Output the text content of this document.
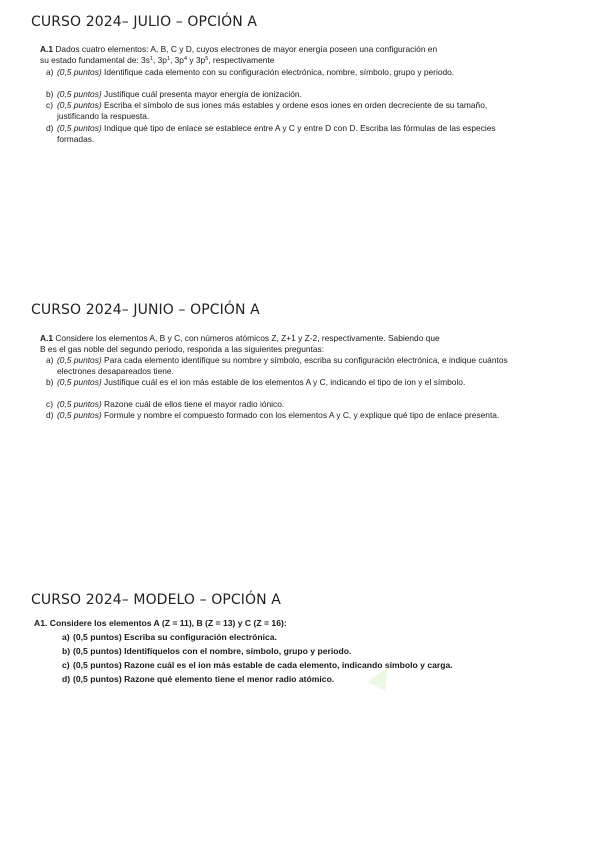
CURSO 2024– JULIO – OPCIÓN A
A.1 Dados cuatro elementos: A, B, C y D, cuyos electrones de mayor energía poseen una configuración en
su estado fundamental de: $3s^1$, $3p^1$, $3p^4$ y $3p^5$, respectivamente
a) (0,5 puntos) Identifique cada elemento con su configuración electrónica, nombre, símbolo, grupo y periodo.
b) (0,5 puntos) Justifique cuál presenta mayor energía de ionización.
c) (0,5 puntos) Escriba el símbolo de sus iones más estables y ordene esos iones en orden decreciente de su tamaño, justificando la respuesta.
d) (0,5 puntos) Indique qué tipo de enlace se establece entre A y C y entre D con D. Escriba las fórmulas de las especies formadas.
CURSO 2024– JUNIO – OPCIÓN A
A.1 Considere los elementos A, B y C, con números atómicos Z, Z+1 y Z-2, respectivamente. Sabiendo que
B es el gas noble del segundo periodo, responda a las siguientes preguntas:
a) (0,5 puntos) Para cada elemento identifique su nombre y símbolo, escriba su configuración electrónica, e indique cuántos electrones desapareados tiene.
b) (0,5 puntos) Justifique cuál es el ion más estable de los elementos A y C, indicando el tipo de ion y el símbolo.
c) (0,5 puntos) Razone cuál de ellos tiene el mayor radio iónico.
d) (0,5 puntos) Formule y nombre el compuesto formado con los elementos A y C, y explique qué tipo de enlace presenta.
CURSO 2024– MODELO – OPCIÓN A
A1. Considere los elementos A (Z = 11), B (Z = 13) y C (Z = 16):
a) (0,5 puntos) Escriba su configuración electrónica.
b) (0,5 puntos) Identifíquelos con el nombre, símbolo, grupo y periodo.
c) (0,5 puntos) Razone cuál es el ion más estable de cada elemento, indicando símbolo y carga.
d) (0,5 puntos) Razone qué elemento tiene el menor radio atómico.
